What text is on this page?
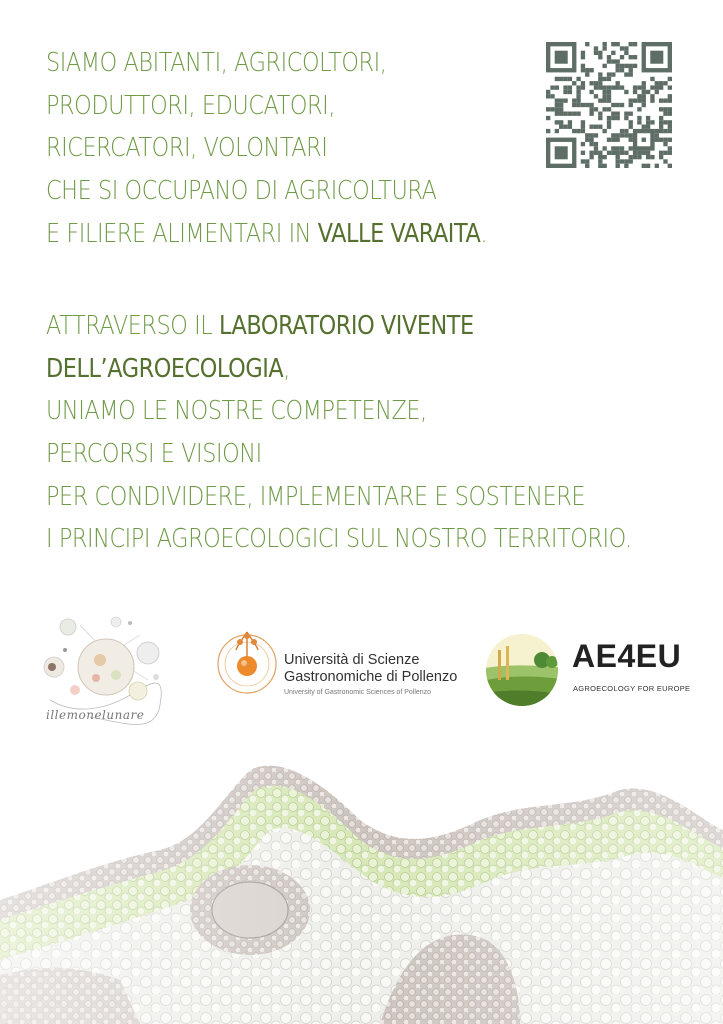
SIAMO ABITANTI, AGRICOLTORI,
PRODUTTORI, EDUCATORI,
RICERCATORI, VOLONTARI
CHE SI OCCUPANO DI AGRICOLTURA
E FILIERE ALIMENTARI IN VALLE VARAITA.
ATTRAVERSO IL LABORATORIO VIVENTE
DELL’AGROECOLOGIA,
UNIAMO LE NOSTRE COMPETENZE,
PERCORSI E VISIONI
PER CONDIVIDERE, IMPLEMENTARE E SOSTENERE
I PRINCIPI AGROECOLOGICI SUL NOSTRO TERRITORIO.
illemonelunare
Università di Scienze
Gastronomiche di Pollenzo
University of Gastronomic Sciences of Pollenzo
AE4EU
AGROECOLOGY FOR EUROPE
